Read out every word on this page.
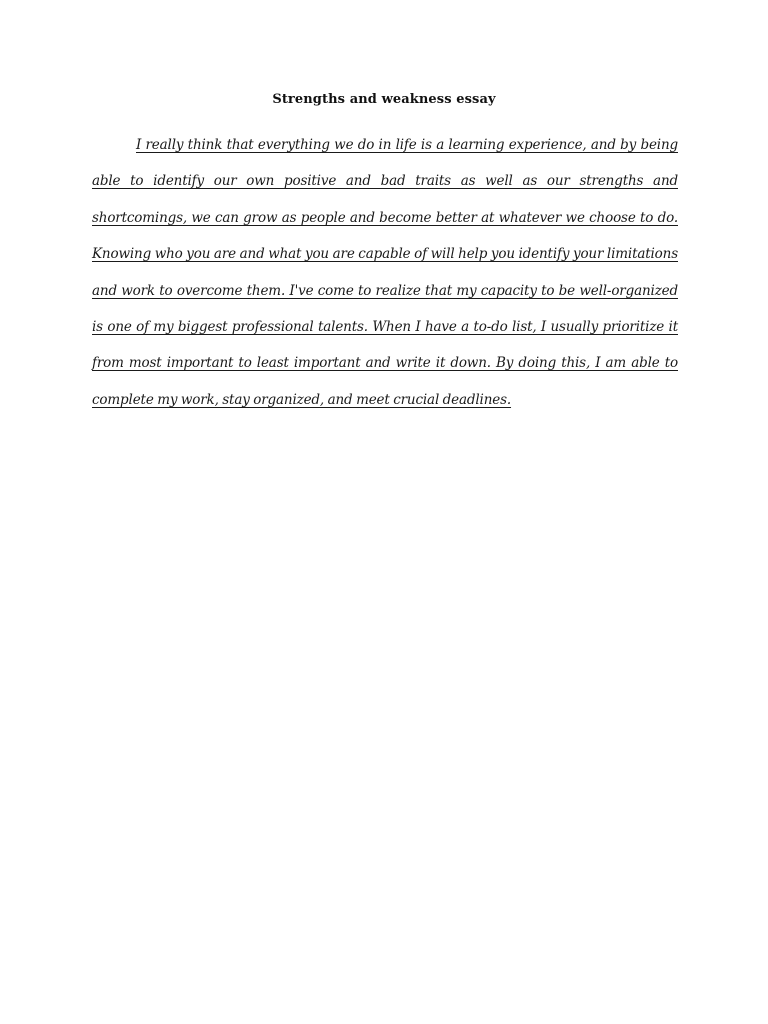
Strengths and weakness essay

I really think that everything we do in life is a learning experience, and by being able to identify our own positive and bad traits as well as our strengths and shortcomings, we can grow as people and become better at whatever we choose to do. Knowing who you are and what you are capable of will help you identify your limitations and work to overcome them. I've come to realize that my capacity to be well-organized is one of my biggest professional talents. When I have a to-do list, I usually prioritize it from most important to least important and write it down. By doing this, I am able to complete my work, stay organized, and meet crucial deadlines.
